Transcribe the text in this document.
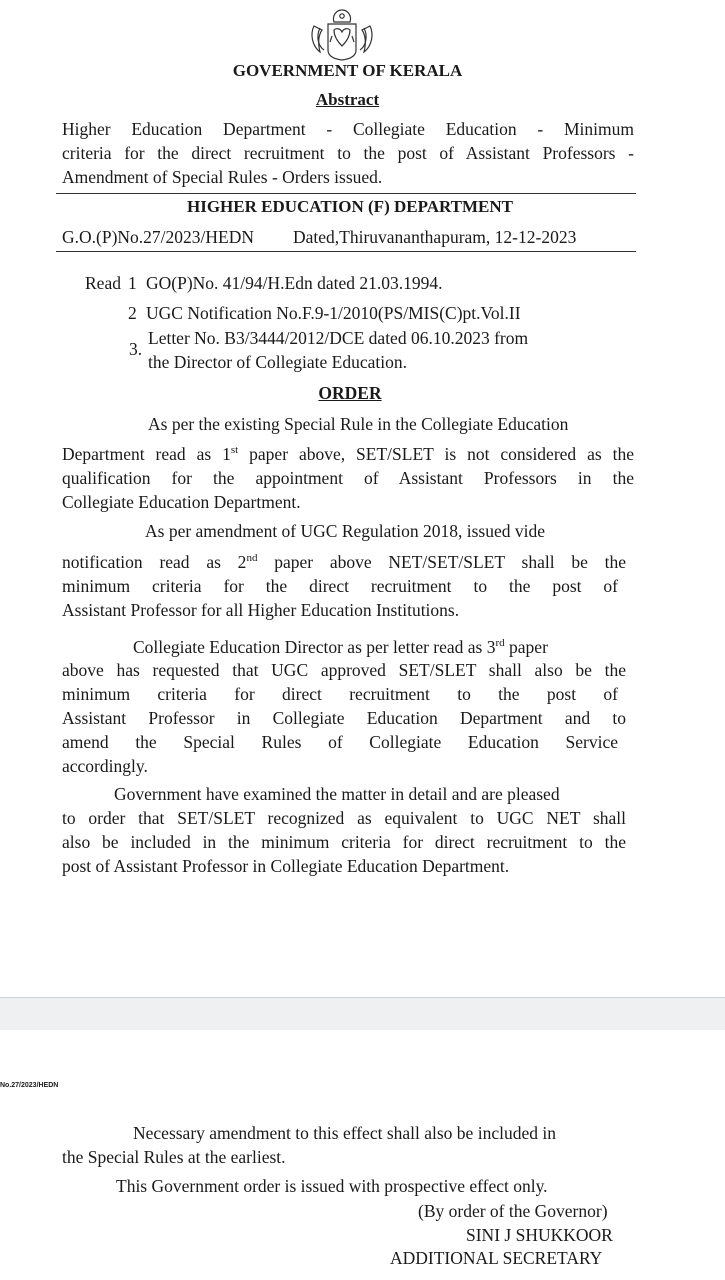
GOVERNMENT OF KERALA
Abstract
Higher Education Department - Collegiate Education - Minimum
criteria for the direct recruitment to the post of Assistant Professors -
Amendment of Special Rules - Orders issued.
HIGHER EDUCATION (F) DEPARTMENT
G.O.(P)No.27/2023/HEDN Dated,Thiruvananthapuram, 12-12-2023
Read 1 GO(P)No. 41/94/H.Edn dated 21.03.1994.
2 UGC Notification No.F.9-1/2010(PS/MIS(C)pt.Vol.II
3.
Letter No. B3/3444/2012/DCE dated 06.10.2023 from
the Director of Collegiate Education.
ORDER
As per the existing Special Rule in the Collegiate Education
Department read as 1st paper above, SET/SLET is not considered as the
qualification for the appointment of Assistant Professors in the
Collegiate Education Department.
As per amendment of UGC Regulation 2018, issued vide
notification read as 2nd paper above NET/SET/SLET shall be the
minimum criteria for the direct recruitment to the post of
Assistant Professor for all Higher Education Institutions.
Collegiate Education Director as per letter read as 3rd paper
above has requested that UGC approved SET/SLET shall also be the
minimum criteria for direct recruitment to the post of
Assistant Professor in Collegiate Education Department and to
amend the Special Rules of Collegiate Education Service
accordingly.
Government have examined the matter in detail and are pleased
to order that SET/SLET recognized as equivalent to UGC NET shall
also be included in the minimum criteria for direct recruitment to the
post of Assistant Professor in Collegiate Education Department.
No.27/2023/HEDN
Necessary amendment to this effect shall also be included in
the Special Rules at the earliest.
This Government order is issued with prospective effect only.
(By order of the Governor)
SINI J SHUKKOOR
ADDITIONAL SECRETARY
